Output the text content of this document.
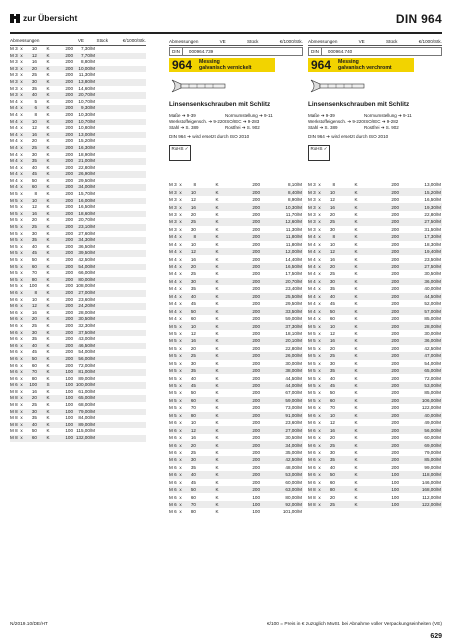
zur Übersicht	DIN 964
Abmessungen	VE	Stück	€/1000/Stk.
M 3 x	10	K	200	7,30/M
M 3 x	12	K	200	7,70/M
M 3 x	16	K	200	8,80/M
M 3 x	20	K	200	10,00/M
M 3 x	25	K	200	11,30/M
M 3 x	30	K	200	13,80/M
M 3 x	35	K	200	14,60/M
M 3 x	40	K	200	20,70/M
M 4 x	5	K	200	10,70/M
M 4 x	6	K	200	9,30/M
M 4 x	8	K	200	10,30/M
M 4 x	10	K	200	10,70/M
M 4 x	12	K	200	10,80/M
M 4 x	16	K	200	13,00/M
M 4 x	20	K	200	15,20/M
M 4 x	25	K	200	16,30/M
M 4 x	30	K	200	18,90/M
M 4 x	35	K	200	21,00/M
M 4 x	40	K	200	22,80/M
M 4 x	45	K	200	26,90/M
M 4 x	50	K	200	29,50/M
M 4 x	60	K	200	34,00/M
M 5 x	8	K	200	15,70/M
M 5 x	10	K	200	16,00/M
M 5 x	12	K	200	16,50/M
M 5 x	16	K	200	18,60/M
M 5 x	20	K	200	20,70/M
M 5 x	25	K	200	23,10/M
M 5 x	30	K	200	27,60/M
M 5 x	35	K	200	34,30/M
M 5 x	40	K	200	36,50/M
M 5 x	45	K	200	39,50/M
M 5 x	50	K	200	42,50/M
M 5 x	60	K	200	54,00/M
M 5 x	70	K	200	66,00/M
M 5 x	80	K	200	80,00/M
M 5 x	100	K	200 108,00/M
M 6 x	8	K	200	27,00/M
M 6 x	10	K	200	23,60/M
M 6 x	12	K	200	24,20/M
M 6 x	16	K	200	28,00/M
M 6 x	20	K	200	30,50/M
M 6 x	25	K	200	32,30/M
M 6 x	30	K	200	37,50/M
M 6 x	35	K	200	43,00/M
M 6 x	40	K	200	46,50/M
M 6 x	45	K	200	54,00/M
M 6 x	50	K	200	56,00/M
M 6 x	60	K	200	72,00/M
M 6 x	70	K	100	81,00/M
M 6 x	80	K	100	89,00/M
M 6 x	100	S	100 100,00/M
M 8 x	16	K	100	61,00/M
M 8 x	20	K	100	65,00/M
M 8 x	25	K	100	68,00/M
M 8 x	30	K	100	79,00/M
M 8 x	35	K	100	84,00/M
M 8 x	40	K	100	89,00/M
M 8 x	50	K	100 115,00/M
M 8 x	60	K	100 132,00/M
Abmessungen	VE	Stück	€/1000/Stk.
DIN	000964.739
964	Messing
galvanisch vernickelt
Linsensenkschrauben mit Schlitz
Maße ➔ 9-39	Normumstellung ➔ 9-11
Werkstoffeigensch. ➔ 9-220 ISO/IEC ➔ 9-283
Stahl ➔ S. 389	Rostfrei ➔ S. 902
DIN 964 ➔ wird ersetzt durch ISO 2010
RoHS ✓
Abmessungen	VE	Stück	€/1000/Stk.
DIN	000964.740
964	Messing
galvanisch verchromt
Linsensenkschrauben mit Schlitz
Maße ➔ 9-39	Normumstellung ➔ 9-11
Werkstoffeigensch. ➔ 9-220 ISO/IEC ➔ 9-282
Stahl ➔ S. 389	Rostfrei ➔ S. 902
DIN 964 ➔ wird ersetzt durch ISO 2010
RoHS ✓
M 3 x	8	K	200	8,10/M
M 3 x	10	K	200	8,40/M
M 3 x	12	K	200	8,90/M
M 3 x	16	K	200	10,30/M
M 3 x	20	K	200	11,70/M
M 3 x	25	K	200	12,60/M
M 3 x	30	K	200	11,30/M
M 4 x	8	K	200	11,80/M
M 4 x	10	K	200	11,80/M
M 4 x	12	K	200	12,00/M
M 4 x	16	K	200	14,40/M
M 4 x	20	K	200	16,50/M
M 4 x	25	K	200	17,50/M
M 4 x	30	K	200	20,70/M
M 4 x	35	K	200	23,40/M
M 4 x	40	K	200	25,50/M
M 4 x	45	K	200	29,50/M
M 4 x	50	K	200	33,50/M
M 4 x	60	K	200	59,00/M
M 5 x	10	K	200	37,30/M
M 5 x	12	K	200	18,10/M
M 5 x	16	K	200	20,10/M
M 5 x	20	K	200	22,80/M
M 5 x	25	K	200	26,00/M
M 5 x	30	K	200	30,00/M
M 5 x	35	K	200	38,00/M
M 5 x	40	K	200	44,50/M
M 5 x	45	K	200	44,00/M
M 5 x	50	K	200	67,00/M
M 5 x	60	K	200	59,00/M
M 5 x	70	K	200	73,00/M
M 5 x	80	K	200	91,00/M
M 6 x	10	K	200	23,60/M
M 6 x	12	K	200	27,00/M
M 6 x	16	K	200	30,50/M
M 6 x	20	K	200	34,00/M
M 6 x	25	K	200	35,00/M
M 6 x	30	K	200	42,50/M
M 6 x	35	K	200	48,00/M
M 6 x	40	K	200	53,00/M
M 6 x	45	K	200	60,00/M
M 6 x	50	K	200	63,00/M
M 6 x	60	K	100	80,00/M
M 6 x	70	K	100	92,00/M
M 6 x	80	K	100	101,00/M
M 3 x	8	K	200	13,00/M
M 3 x	10	K	200	15,20/M
M 3 x	12	K	200	16,50/M
M 3 x	16	K	200	19,30/M
M 3 x	20	K	200	22,80/M
M 3 x	25	K	200	27,50/M
M 3 x	30	K	200	31,50/M
M 4 x	8	K	200	17,30/M
M 4 x	10	K	200	18,30/M
M 4 x	12	K	200	19,40/M
M 4 x	16	K	200	23,50/M
M 4 x	20	K	200	27,50/M
M 4 x	25	K	200	30,50/M
M 4 x	30	K	200	36,00/M
M 4 x	35	K	200	40,00/M
M 4 x	40	K	200	44,50/M
M 4 x	45	K	200	52,00/M
M 4 x	50	K	200	57,00/M
M 4 x	60	K	200	85,00/M
M 5 x	10	K	200	28,00/M
M 5 x	12	K	200	30,00/M
M 5 x	16	K	200	36,00/M
M 5 x	20	K	200	42,50/M
M 5 x	25	K	200	47,00/M
M 5 x	30	K	200	54,00/M
M 5 x	35	K	200	65,00/M
M 5 x	40	K	200	72,00/M
M 5 x	45	K	200	53,00/M
M 5 x	50	K	200	85,00/M
M 5 x	60	K	200	106,00/M
M 6 x	70	K	200	122,00/M
M 6 x	10	K	200	40,00/M
M 6 x	12	K	200	49,00/M
M 6 x	16	K	200	56,00/M
M 6 x	20	K	200	60,00/M
M 6 x	25	K	200	69,00/M
M 6 x	30	K	200	79,00/M
M 6 x	35	K	200	85,00/M
M 6 x	40	K	200	99,00/M
M 6 x	50	K	100	118,00/M
M 6 x	60	K	100	146,00/M
M 8 x	80	K	100	168,00/M
M 8 x	20	K	100	112,00/M
M 8 x	25	K	100	122,00/M
N/2019.10/DE/HT	€/100 = Preis in € zuzüglich MwSt. bei Abnahme voller Verpackungseinheiten (VE)
629
